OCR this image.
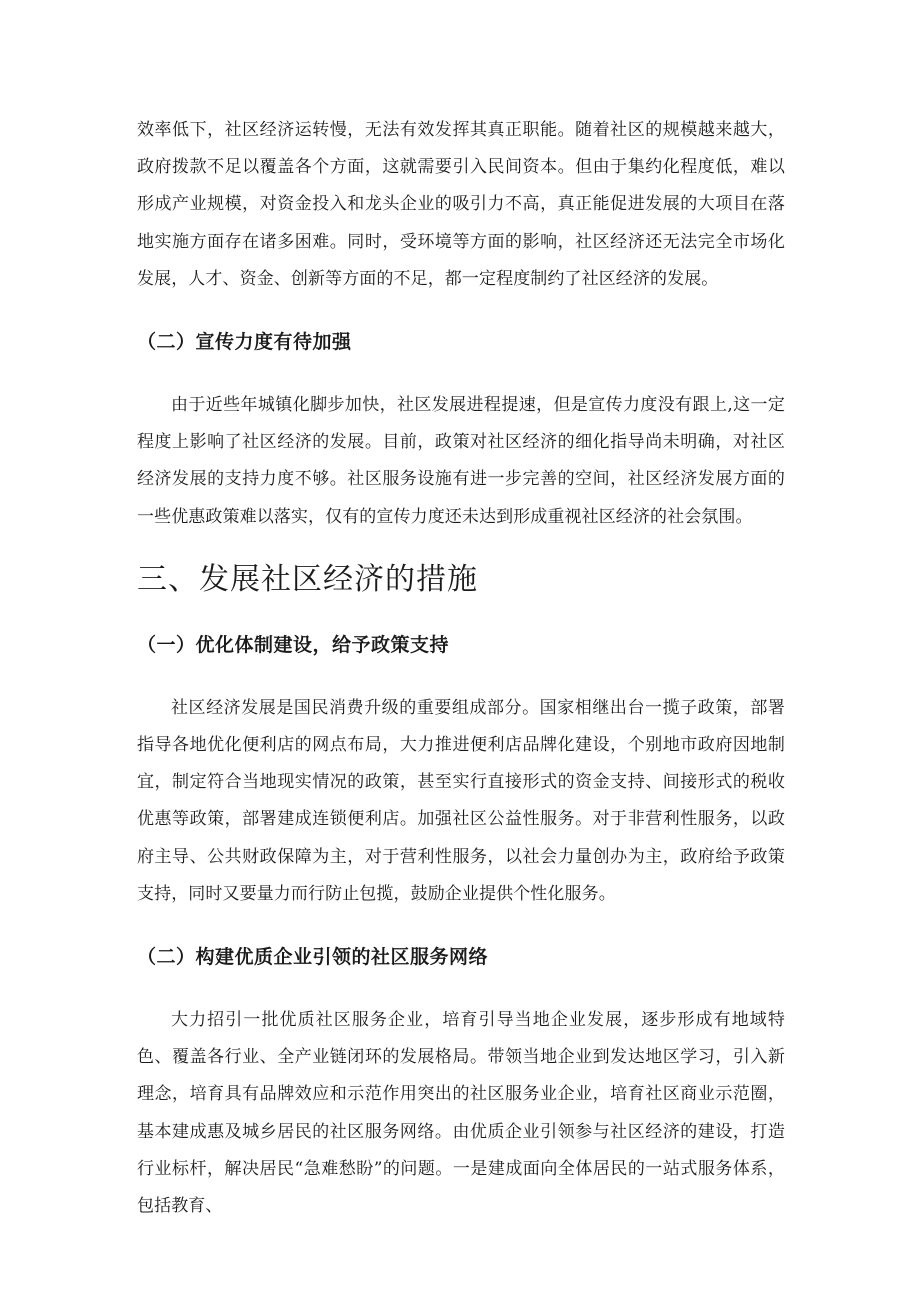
效率低下，社区经济运转慢，无法有效发挥其真正职能。随着社区的规模越来越大，政府拨款不足以覆盖各个方面，这就需要引入民间资本。但由于集约化程度低，难以形成产业规模，对资金投入和龙头企业的吸引力不高，真正能促进发展的大项目在落地实施方面存在诸多困难。同时，受环境等方面的影响，社区经济还无法完全市场化发展，人才、资金、创新等方面的不足，都一定程度制约了社区经济的发展。

（二）宣传力度有待加强

由于近些年城镇化脚步加快，社区发展进程提速，但是宣传力度没有跟上,这一定程度上影响了社区经济的发展。目前，政策对社区经济的细化指导尚未明确，对社区经济发展的支持力度不够。社区服务设施有进一步完善的空间，社区经济发展方面的一些优惠政策难以落实，仅有的宣传力度还未达到形成重视社区经济的社会氛围。

三、发展社区经济的措施
（一）优化体制建设，给予政策支持

社区经济发展是国民消费升级的重要组成部分。国家相继出台一揽子政策，部署指导各地优化便利店的网点布局，大力推进便利店品牌化建设，个别地市政府因地制宜，制定符合当地现实情况的政策，甚至实行直接形式的资金支持、间接形式的税收优惠等政策，部署建成连锁便利店。加强社区公益性服务。对于非营利性服务，以政府主导、公共财政保障为主，对于营利性服务，以社会力量创办为主，政府给予政策支持，同时又要量力而行防止包揽，鼓励企业提供个性化服务。

（二）构建优质企业引领的社区服务网络

大力招引一批优质社区服务企业，培育引导当地企业发展，逐步形成有地域特色、覆盖各行业、全产业链闭环的发展格局。带领当地企业到发达地区学习，引入新理念，培育具有品牌效应和示范作用突出的社区服务业企业，培育社区商业示范圈，基本建成惠及城乡居民的社区服务网络。由优质企业引领参与社区经济的建设，打造行业标杆，解决居民“急难愁盼”的问题。一是建成面向全体居民的一站式服务体系，包括教育、
